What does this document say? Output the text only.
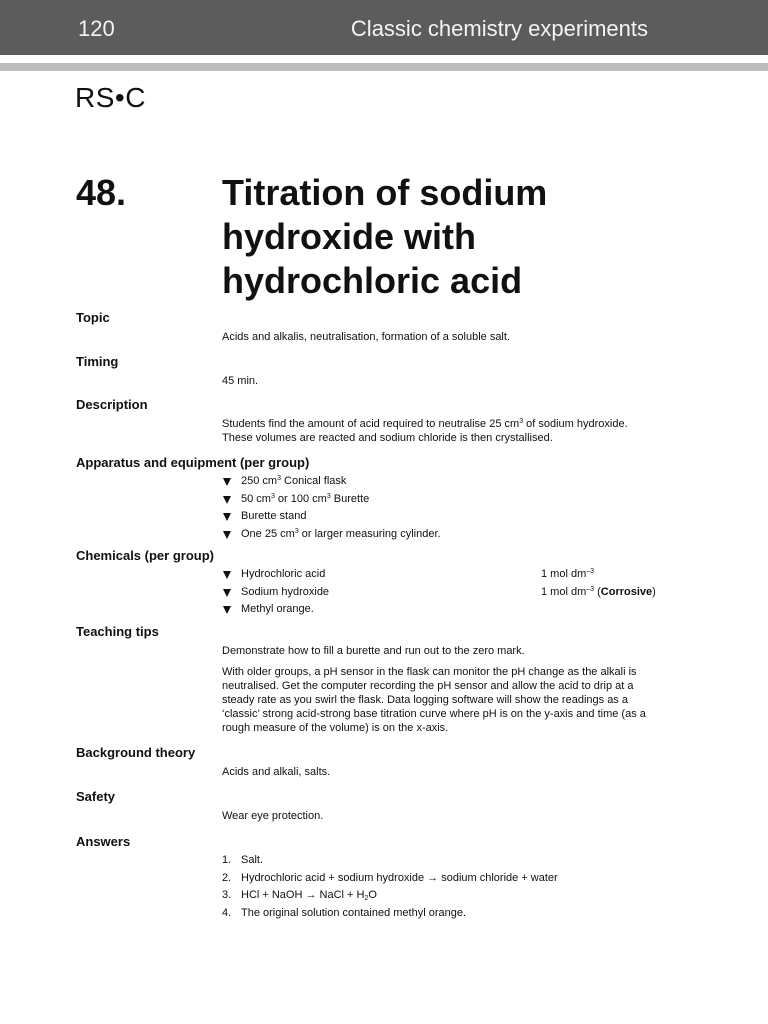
120	Classic chemistry experiments
RS•C
48.	Titration of sodium
hydroxide with
hydrochloric acid
Topic
Acids and alkalis, neutralisation, formation of a soluble salt.
Timing
45 min.
Description
Students find the amount of acid required to neutralise 25 $cm^3$ of sodium hydroxide.
These volumes are reacted and sodium chloride is then crystallised.
Apparatus and equipment (per group)
250 $cm^3$ Conical flask
50 $cm^3$ or 100 $cm^3$ Burette
Burette stand
One 25 $cm^3$ or larger measuring cylinder.
Chemicals (per group)
Hydrochloric acid	1 mol $dm^{-3}$
Sodium hydroxide	1 mol $dm^{-3}$ (Corrosive)
Methyl orange.
Teaching tips
Demonstrate how to fill a burette and run out to the zero mark.
With older groups, a pH sensor in the flask can monitor the pH change as the alkali is
neutralised. Get the computer recording the pH sensor and allow the acid to drip at a
steady rate as you swirl the flask. Data logging software will show the readings as a
‘classic’ strong acid-strong base titration curve where pH is on the y-axis and time (as a
rough measure of the volume) is on the x-axis.
Background theory
Acids and alkali, salts.
Safety
Wear eye protection.
Answers
1. Salt.
2. Hydrochloric acid + sodium hydroxide → sodium chloride + water
3. HCl + NaOH → NaCl + $H_2O$
4. The original solution contained methyl orange.
